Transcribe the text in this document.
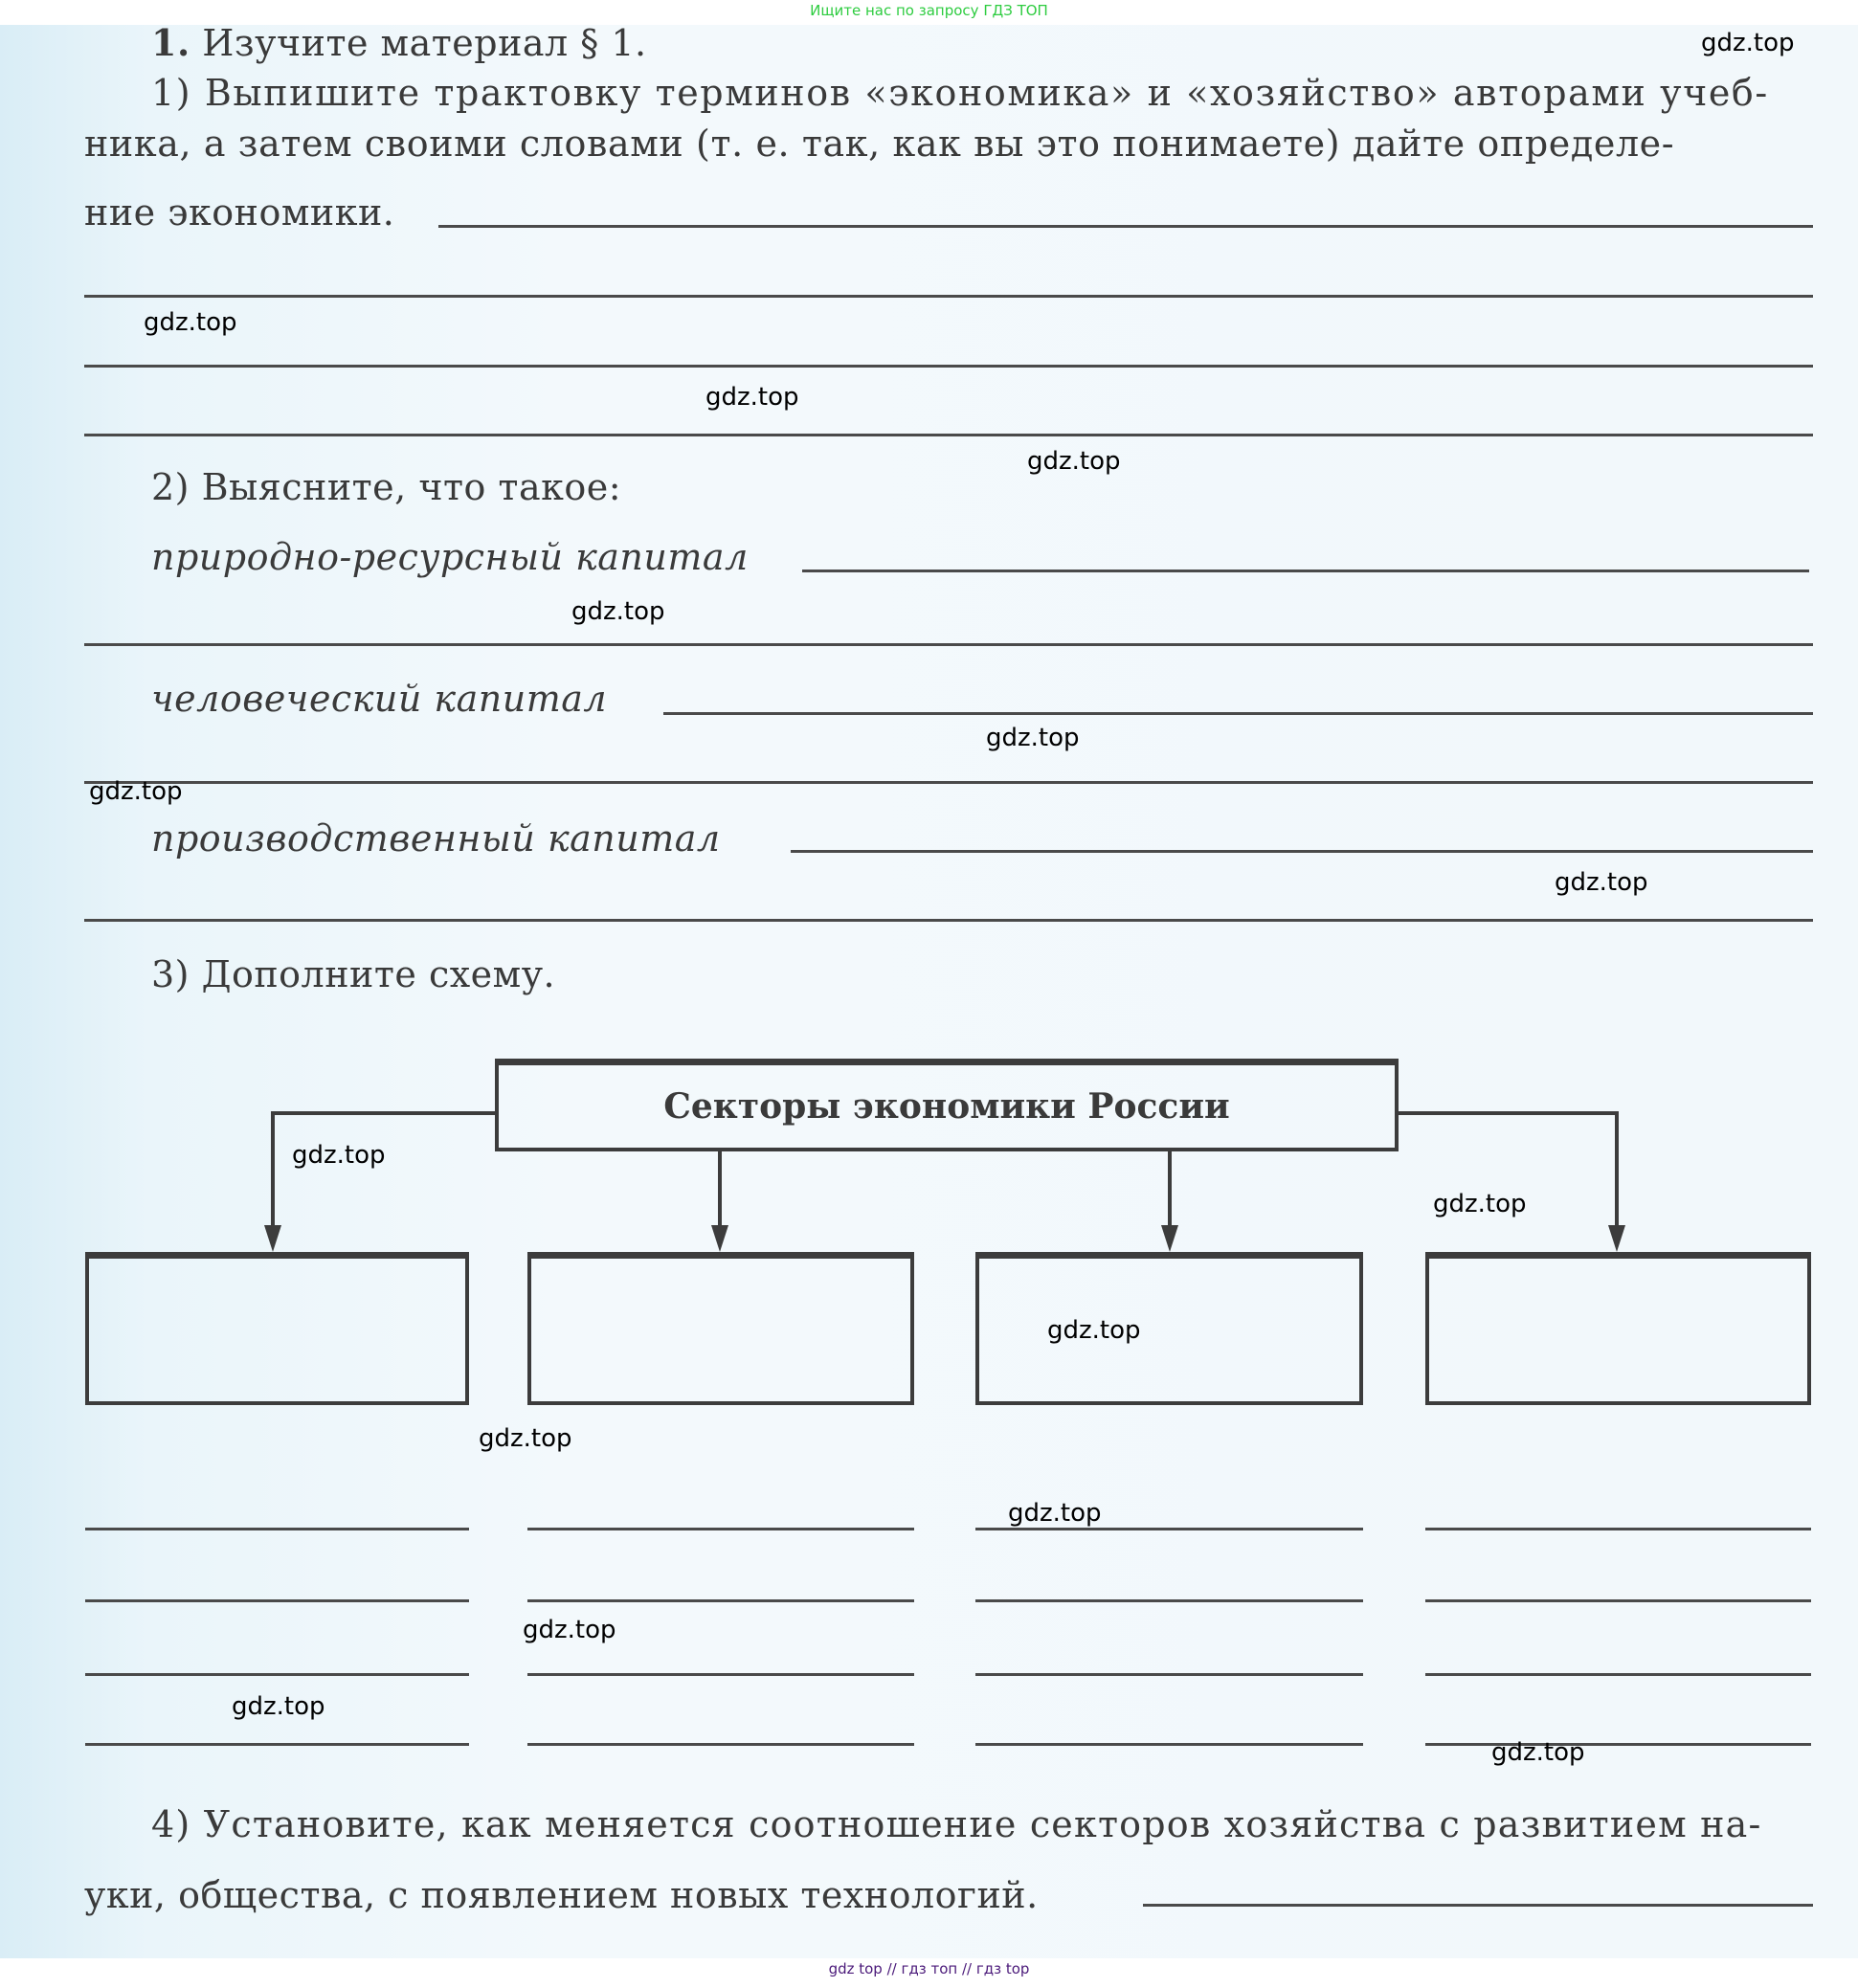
Ищите нас по запросу ГДЗ ТОП
1. Изучите материал § 1.	gdz.top
1) Выпишите трактовку терминов «экономика» и «хозяйство» авторами учеб-
ника, а затем своими словами (т. е. так, как вы это понимаете) дайте определе-
ние экономики.
gdz.top
gdz.top
gdz.top
2) Выясните, что такое:
природно-ресурсный капитал
gdz.top
человеческий капитал
gdz.top
gdz.top
производственный капитал
gdz.top
3) Дополните схему.
Секторы экономики России
gdz.top
gdz.top
gdz.top
gdz.top
gdz.top
gdz.top
gdz.top
gdz.top
4) Установите, как меняется соотношение секторов хозяйства с развитием на-
уки, общества, с появлением новых технологий.
gdz top // гдз топ // гдз top
